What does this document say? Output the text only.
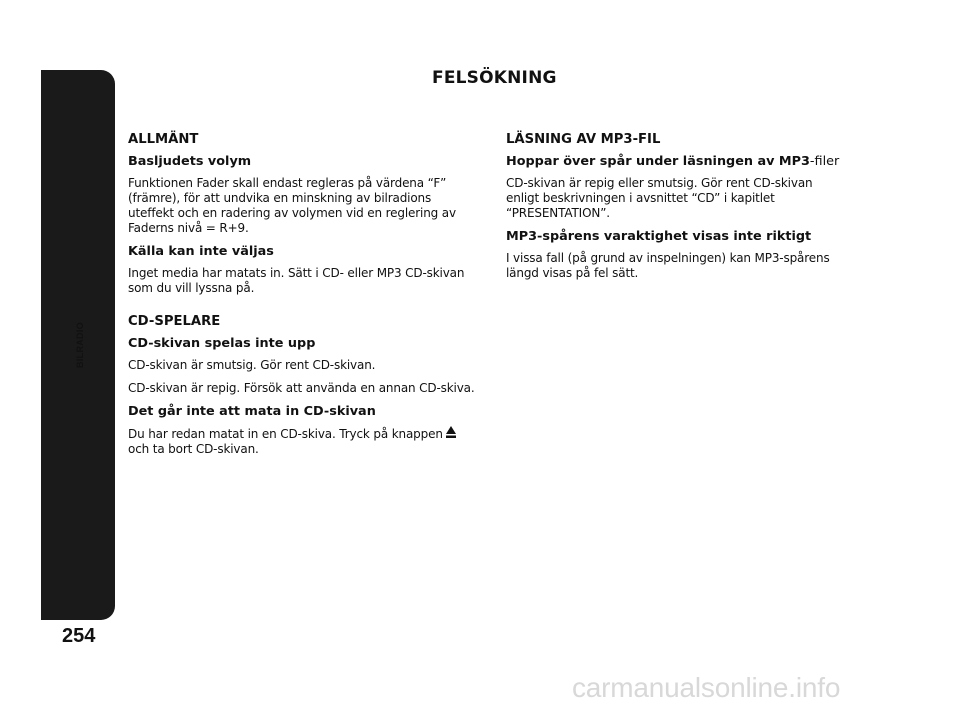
BILRADIO
254
FELSÖKNING

ALLMÄNT

Basljudets volym

Funktionen Fader skall endast regleras på värdena “F” (främre), för att undvika en minskning av bilradions uteffekt och en radering av volymen vid en reglering av Faderns nivå = R+9.

Källa kan inte väljas

Inget media har matats in. Sätt i CD- eller MP3 CD-skivan som du vill lyssna på.

CD-SPELARE

CD-skivan spelas inte upp

CD-skivan är smutsig. Gör rent CD-skivan.

CD-skivan är repig. Försök att använda en annan CD-skiva.

Det går inte att mata in CD-skivan

Du har redan matat in en CD-skiva. Tryck på knappen
och ta bort CD-skivan.

LÄSNING AV MP3-FIL

Hoppar över spår under läsningen av MP3-filer

CD-skivan är repig eller smutsig. Gör rent CD-skivan enligt beskrivningen i avsnittet “CD” i kapitlet “PRESENTATION”.

MP3-spårens varaktighet visas inte riktigt

I vissa fall (på grund av inspelningen) kan MP3-spårens längd visas på fel sätt.

carmanualsonline.info
